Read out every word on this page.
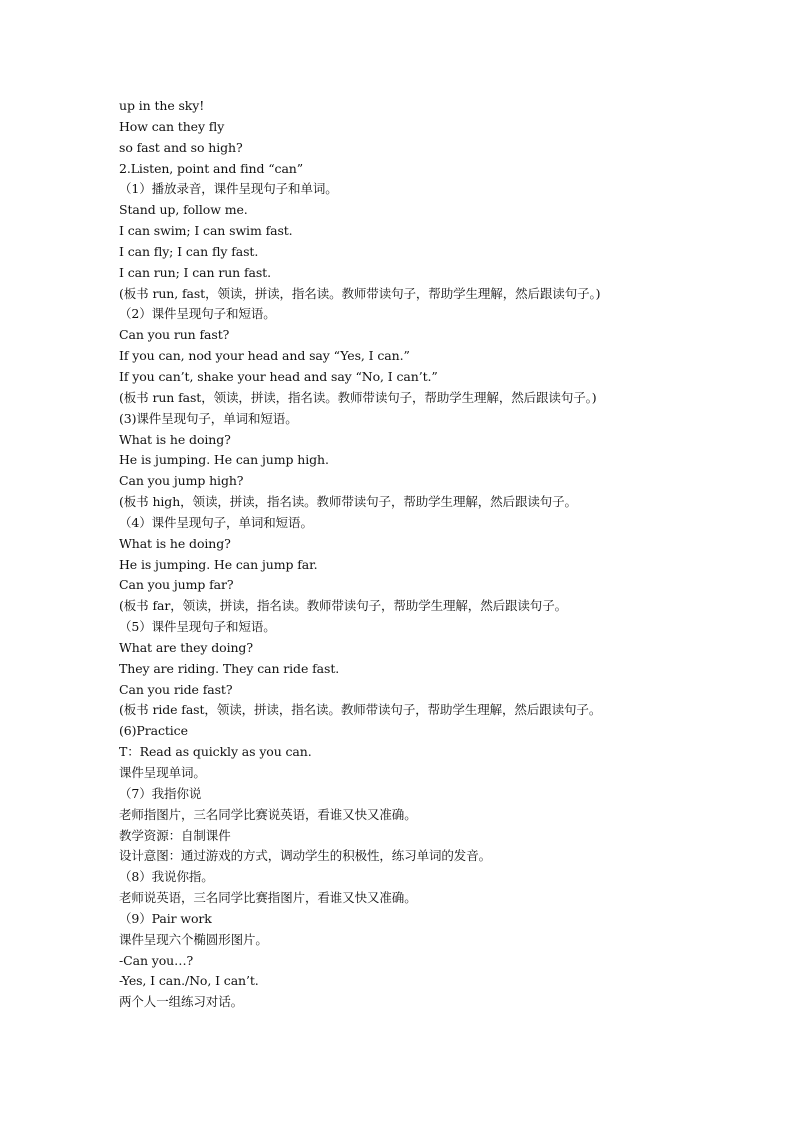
up in the sky!
How can they fly
so fast and so high?
2.Listen, point and find “can”
（1）播放录音，课件呈现句子和单词。
Stand up, follow me.
I can swim; I can swim fast.
I can fly; I can fly fast.
I can run; I can run fast.
(板书 run, fast，领读，拼读，指名读。教师带读句子，帮助学生理解，然后跟读句子。)
（2）课件呈现句子和短语。
Can you run fast?
If you can, nod your head and say “Yes, I can.”
If you can’t, shake your head and say “No, I can’t.”
(板书 run fast，领读，拼读，指名读。教师带读句子，帮助学生理解，然后跟读句子。)
(3)课件呈现句子，单词和短语。
What is he doing?
He is jumping. He can jump high.
Can you jump high?
(板书 high，领读，拼读，指名读。教师带读句子，帮助学生理解，然后跟读句子。
（4）课件呈现句子，单词和短语。
What is he doing?
He is jumping. He can jump far.
Can you jump far?
(板书 far，领读，拼读，指名读。教师带读句子，帮助学生理解，然后跟读句子。
（5）课件呈现句子和短语。
What are they doing?
They are riding. They can ride fast.
Can you ride fast?
(板书 ride fast，领读，拼读，指名读。教师带读句子，帮助学生理解，然后跟读句子。
(6)Practice
T：Read as quickly as you can.
课件呈现单词。
（7）我指你说
老师指图片，三名同学比赛说英语，看谁又快又准确。
教学资源：自制课件
设计意图：通过游戏的方式，调动学生的积极性，练习单词的发音。
（8）我说你指。
老师说英语，三名同学比赛指图片，看谁又快又准确。
（9）Pair work
课件呈现六个椭圆形图片。
-Can you…?
-Yes, I can./No, I can’t.
两个人一组练习对话。
